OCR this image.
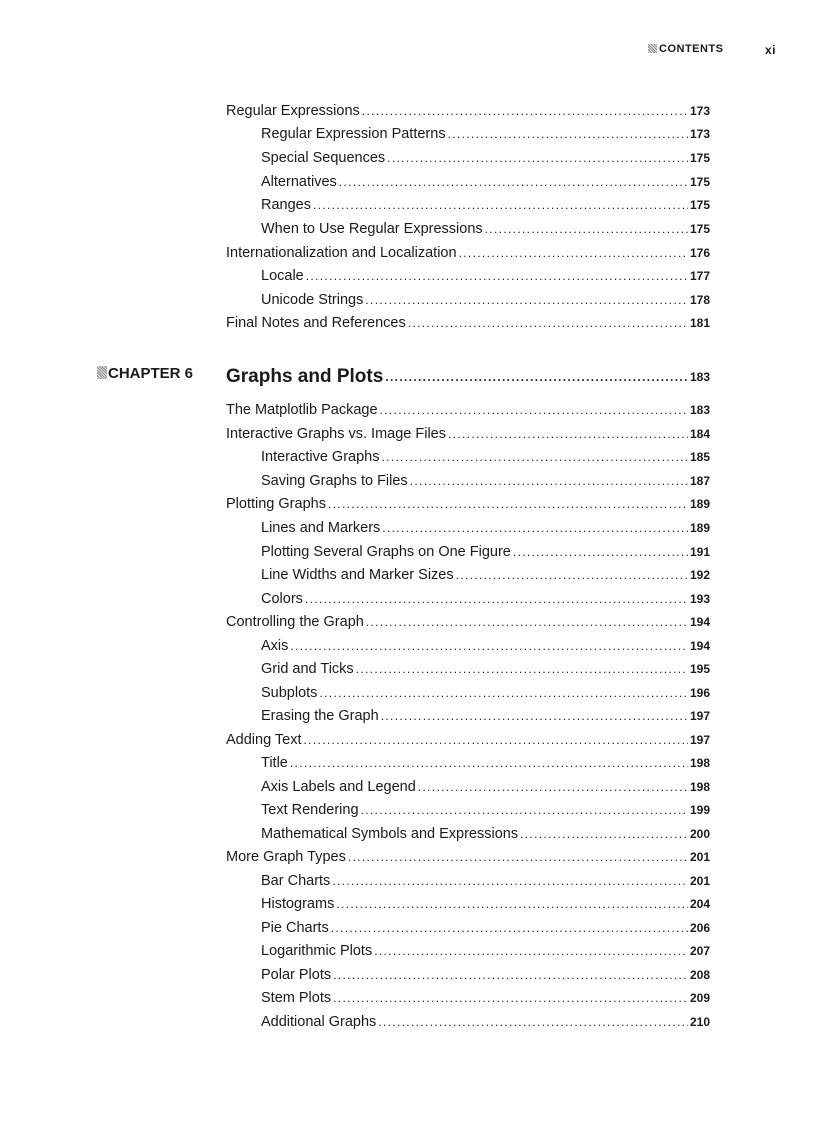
CONTENTS	xi
CHAPTER 6
Regular Expressions . . .	173
Regular Expression Patterns . . .	173
Special Sequences . . .	175
Alternatives . . .	175
Ranges . . .	175
When to Use Regular Expressions . . .	175
Internationalization and Localization . . .	176
Locale . . .	177
Unicode Strings . . .	178
Final Notes and References . . .	181
Graphs and Plots . . .	183
The Matplotlib Package . . .	183
Interactive Graphs vs. Image Files . . .	184
Interactive Graphs . . .	185
Saving Graphs to Files . . .	187
Plotting Graphs . . .	189
Lines and Markers . . .	189
Plotting Several Graphs on One Figure . . .	191
Line Widths and Marker Sizes . . .	192
Colors . . .	193
Controlling the Graph . . .	194
Axis . . .	194
Grid and Ticks . . .	195
Subplots . . .	196
Erasing the Graph . . .	197
Adding Text . . .	197
Title . . .	198
Axis Labels and Legend . . .	198
Text Rendering . . .	199
Mathematical Symbols and Expressions . . .	200
More Graph Types . . .	201
Bar Charts . . .	201
Histograms . . .	204
Pie Charts . . .	206
Logarithmic Plots . . .	207
Polar Plots . . .	208
Stem Plots . . .	209
Additional Graphs . . .	210
